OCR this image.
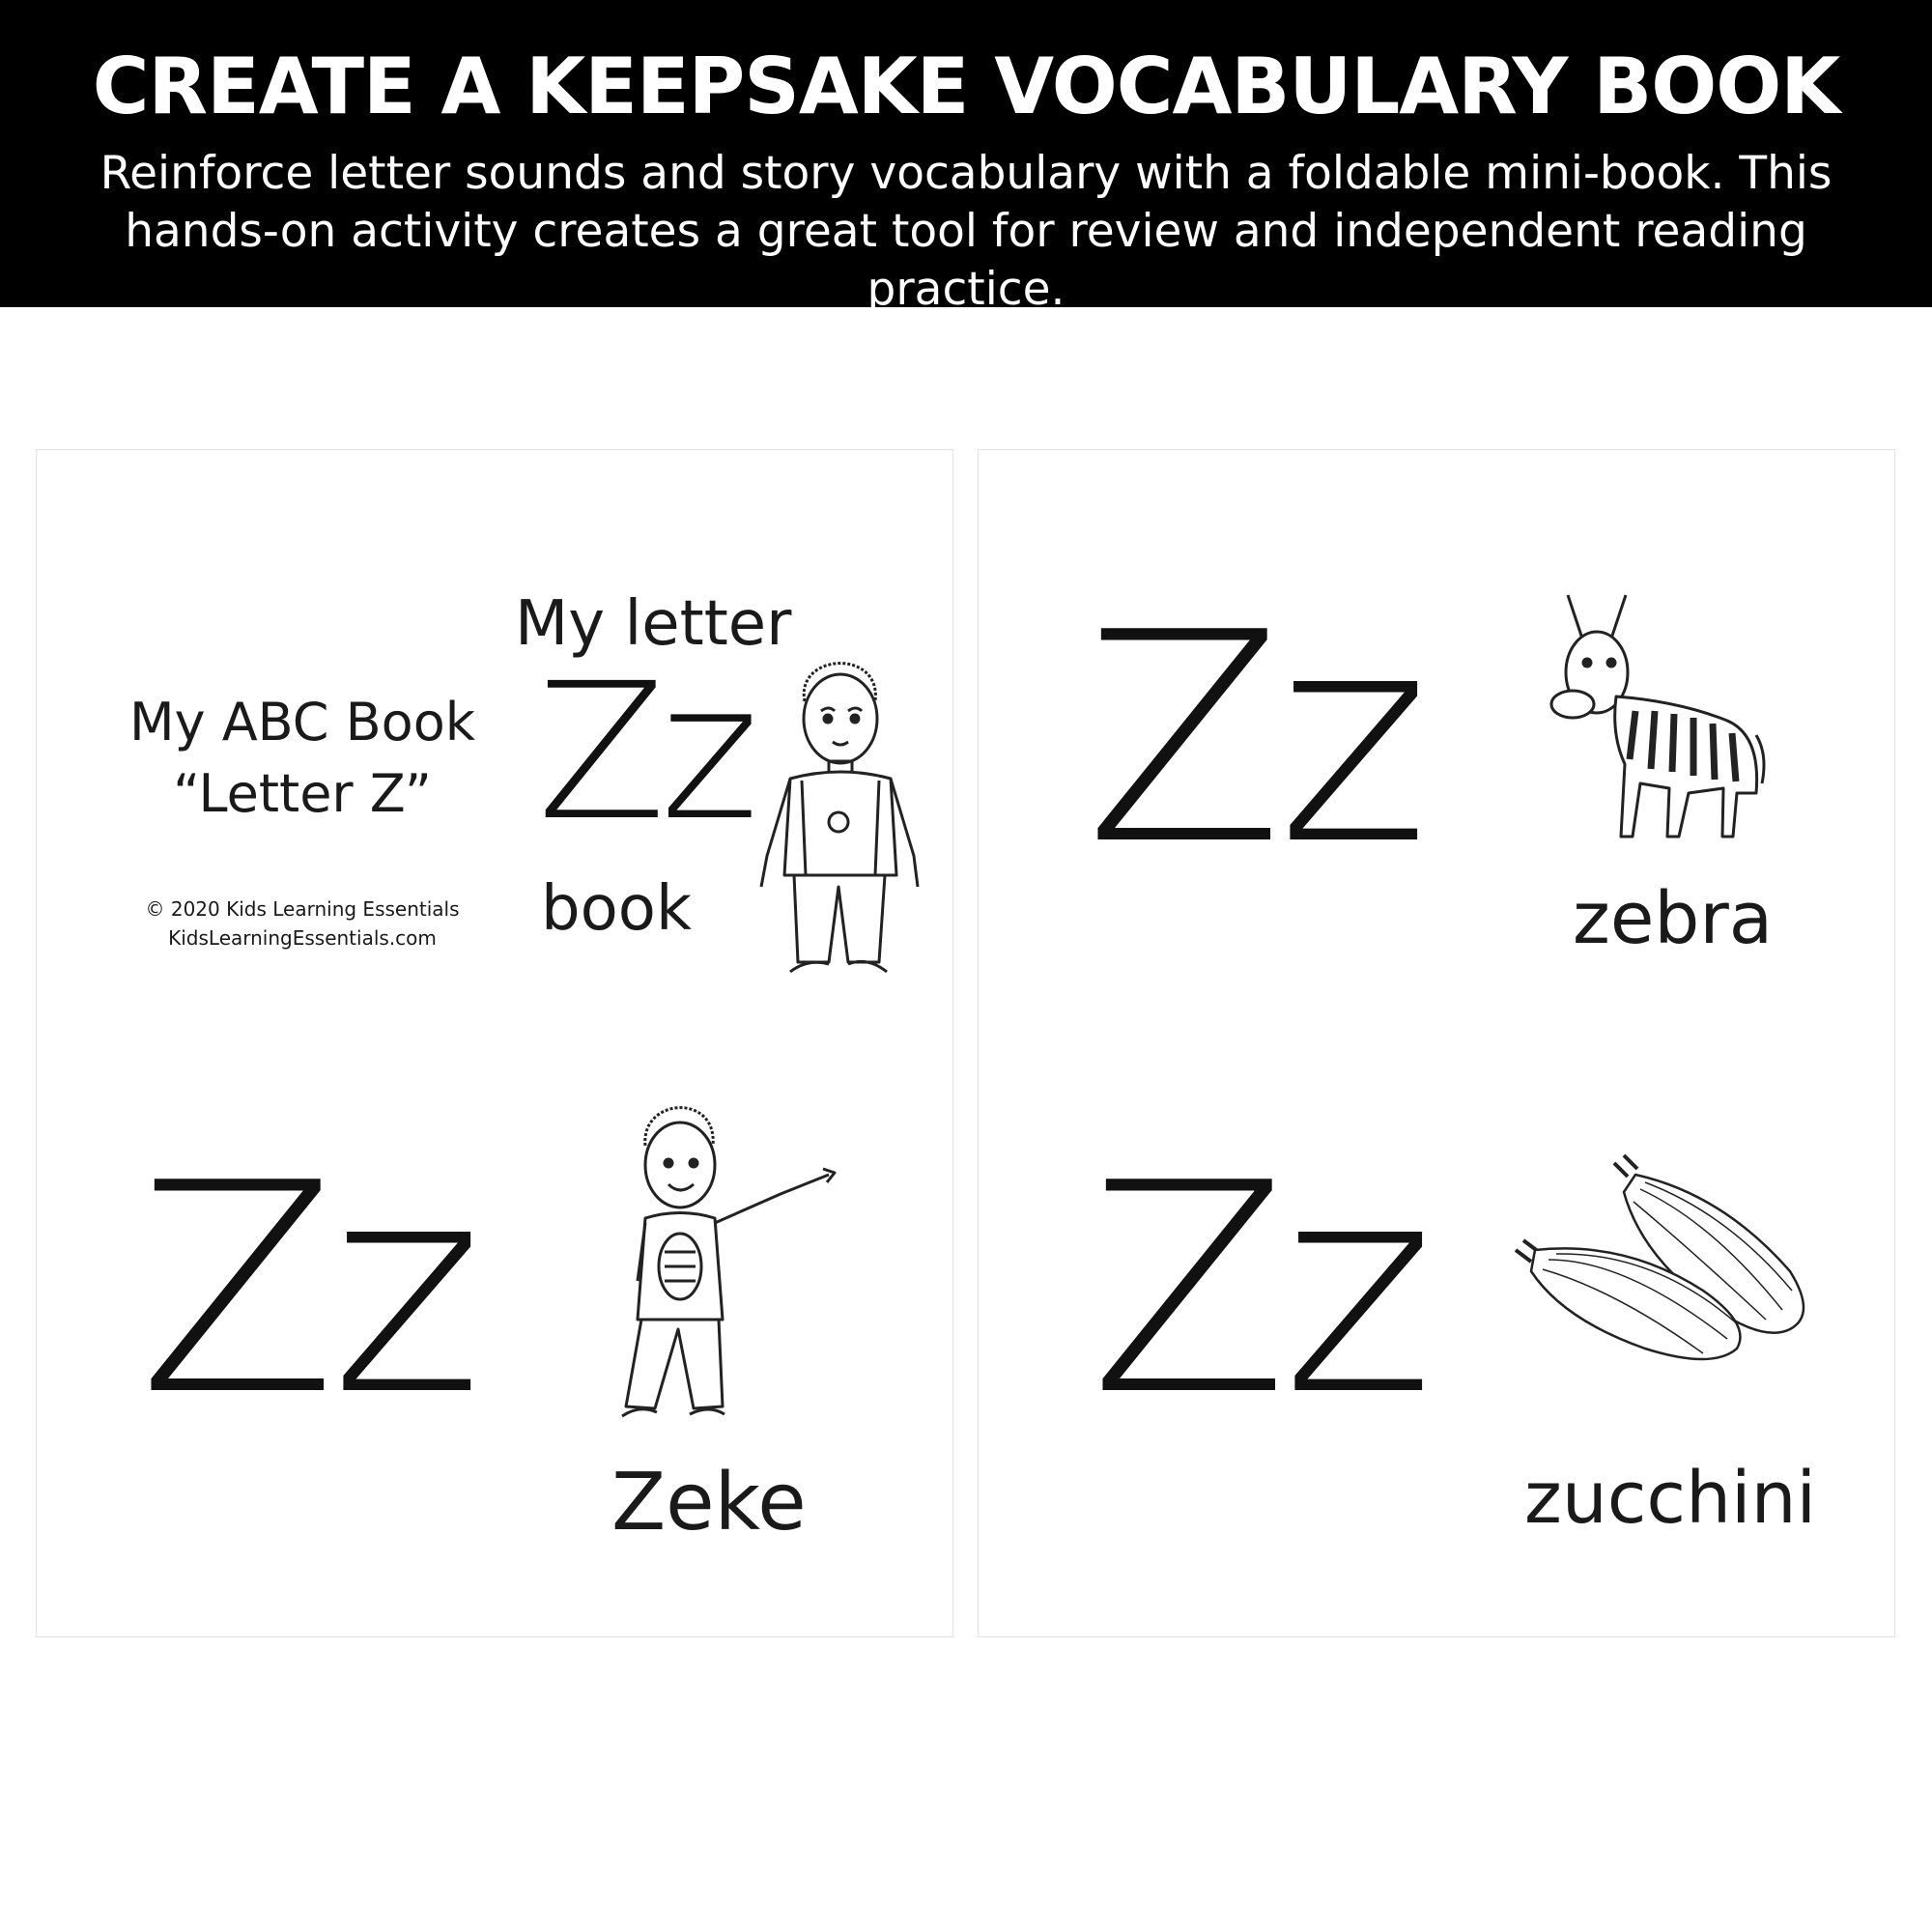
CREATE A KEEPSAKE VOCABULARY BOOK
Reinforce letter sounds and story vocabulary with a foldable mini-book. This
hands-on activity creates a great tool for review and independent reading practice.
My ABC Book
“Letter Z”
© 2020 Kids Learning Essentials
KidsLearningEssentials.com
My letter
Zz
book
Zz
Zeke
Zz
zebra
Zz
zucchini
